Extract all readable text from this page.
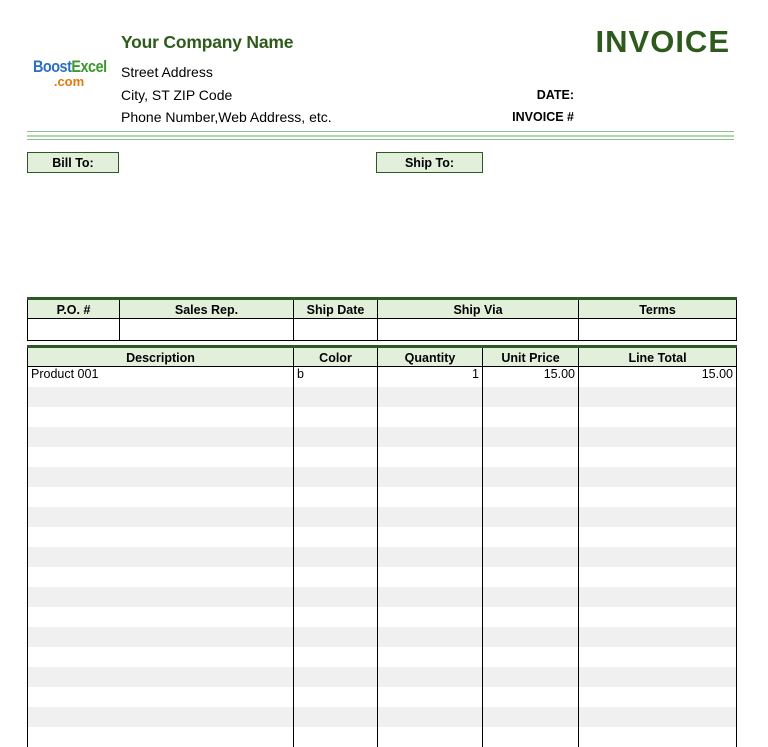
BoostExcel
.com
Your Company Name
Street Address
City, ST ZIP Code
Phone Number,Web Address, etc.
INVOICE
DATE:
INVOICE #
Bill To:	Ship To:
P.O. #	Sales Rep.	Ship Date	Ship Via	Terms

Description	Color	Quantity	Unit Price	Line Total
Product 001	b	1	15.00	15.00
